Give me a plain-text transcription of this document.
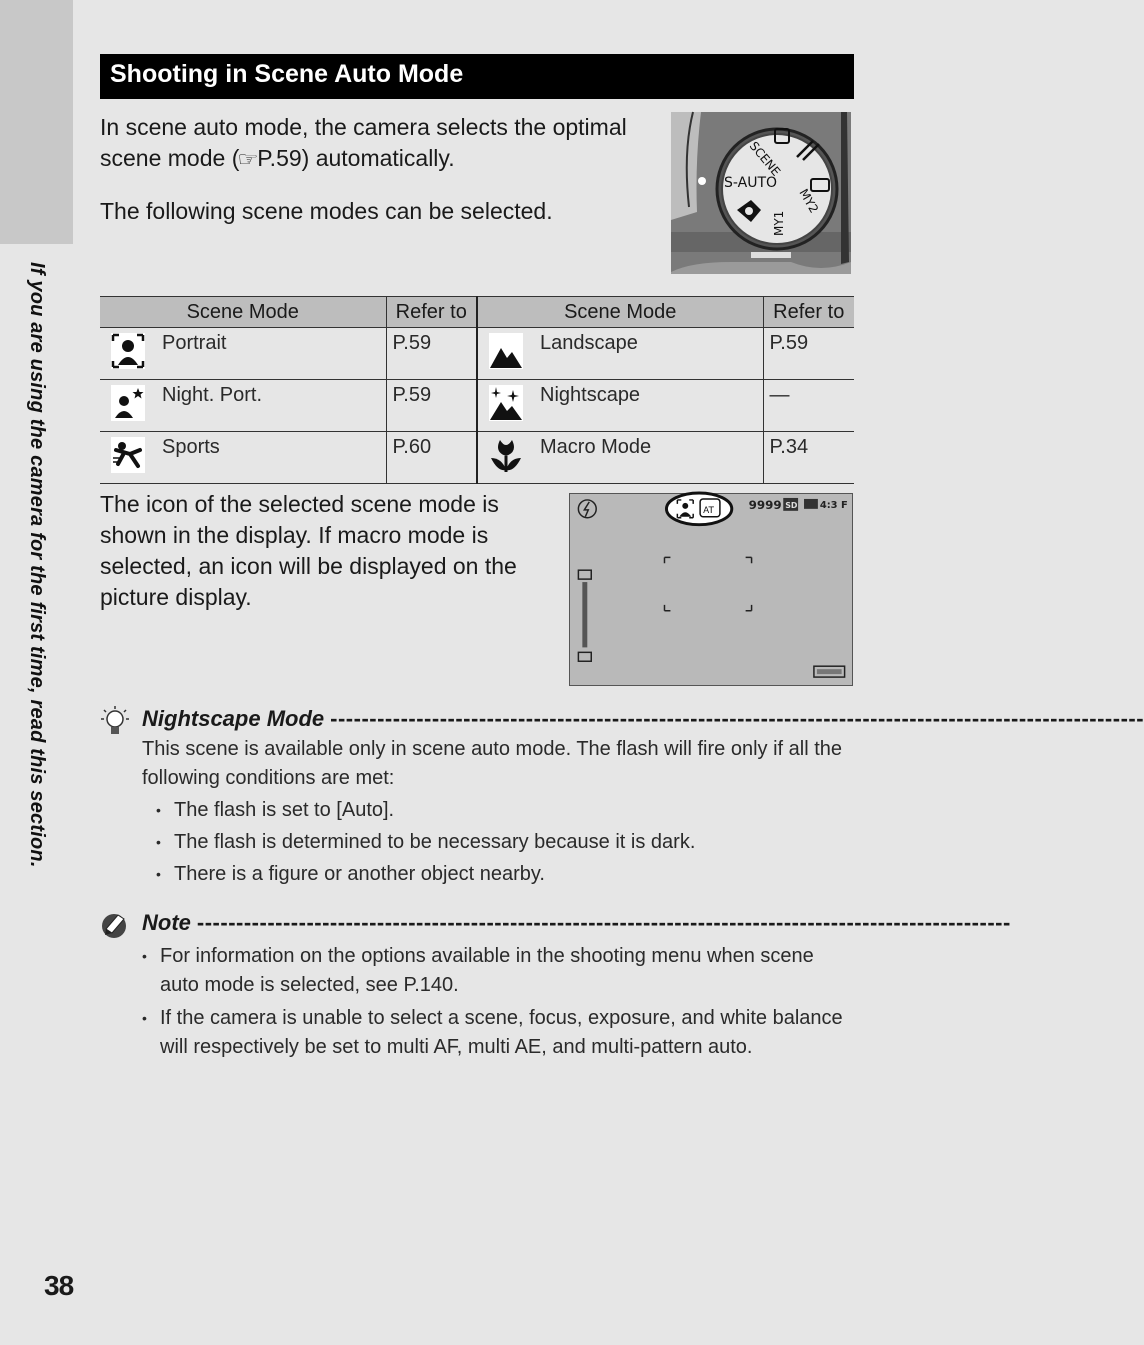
If you are using the camera for the first time, read this section.
38
Shooting in Scene Auto Mode

In scene auto mode, the camera selects the optimal scene mode (☞P.59) automatically.

The following scene modes can be selected.

SCENE
S-AUTO
MY1
MY2
Scene Mode	Refer to	Scene Mode	Refer to

Portrait	P.59	Landscape	P.59

Night. Port.	P.59	Nightscape	—

Sports	P.60	Macro Mode	P.34
The icon of the selected scene mode is shown in the display. If macro mode is selected, an icon will be displayed on the picture display.
AT	9999 SD 4:3 F
Nightscape Mode --------------------------------------------------------------------------------------------------------

This scene is available only in scene auto mode. The flash will fire only if all the following conditions are met:

• The flash is set to [Auto].
• The flash is determined to be necessary because it is dark.
• There is a figure or another object nearby.
Note --------------------------------------------------------------------------------------------------------
• For information on the options available in the shooting menu when scene auto mode is selected, see P.140.
• If the camera is unable to select a scene, focus, exposure, and white balance will respectively be set to multi AF, multi AE, and multi-pattern auto.
